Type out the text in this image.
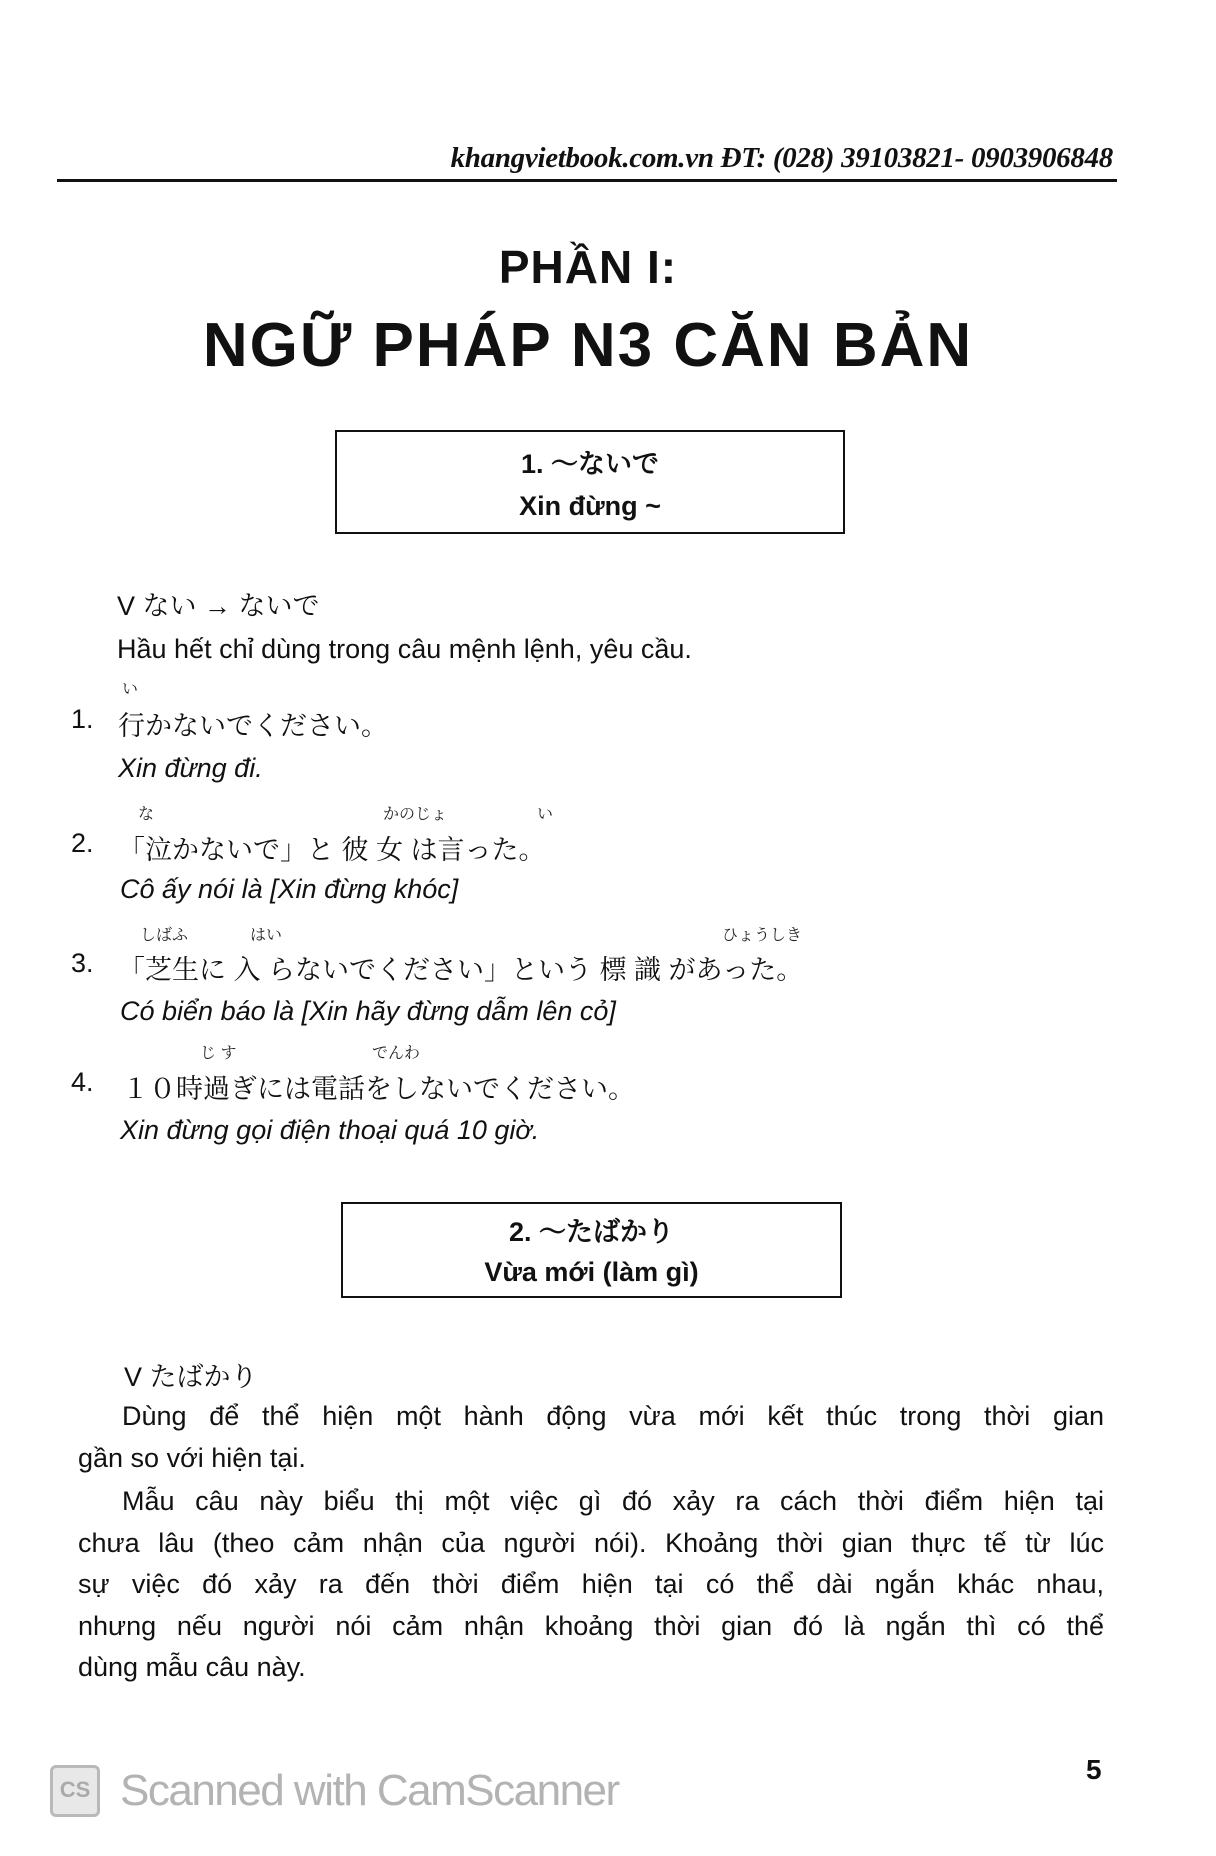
khangvietbook.com.vn ĐT: (028) 39103821- 0903906848
PHẦN I:
NGỮ PHÁP N3 CĂN BẢN
1. ～ないで
Xin đừng ~
V ない → ないで
Hầu hết chỉ dùng trong câu mệnh lệnh, yêu cầu.
い
1. 行かないでください。
Xin đừng đi.
な	かのじょ	い
2. 「泣かないで」と 彼 女 は言った。
Cô ấy nói là [Xin đừng khóc]
しばふ	はい	ひょうしき
3. 「芝生に 入 らないでください」という 標 識 があった。
Có biển báo là [Xin hãy đừng dẫm lên cỏ]
じ す	でんわ
4. １０時過ぎには電話をしないでください。
Xin đừng gọi điện thoại quá 10 giờ.
2. ～たばかり
Vừa mới (làm gì)
V たばかり
Dùng để thể hiện một hành động vừa mới kết thúc trong thời gian
gần so với hiện tại.
Mẫu câu này biểu thị một việc gì đó xảy ra cách thời điểm hiện tại
chưa lâu (theo cảm nhận của người nói). Khoảng thời gian thực tế từ lúc
sự việc đó xảy ra đến thời điểm hiện tại có thể dài ngắn khác nhau,
nhưng nếu người nói cảm nhận khoảng thời gian đó là ngắn thì có thể
dùng mẫu câu này.
5
CS Scanned with CamScanner
